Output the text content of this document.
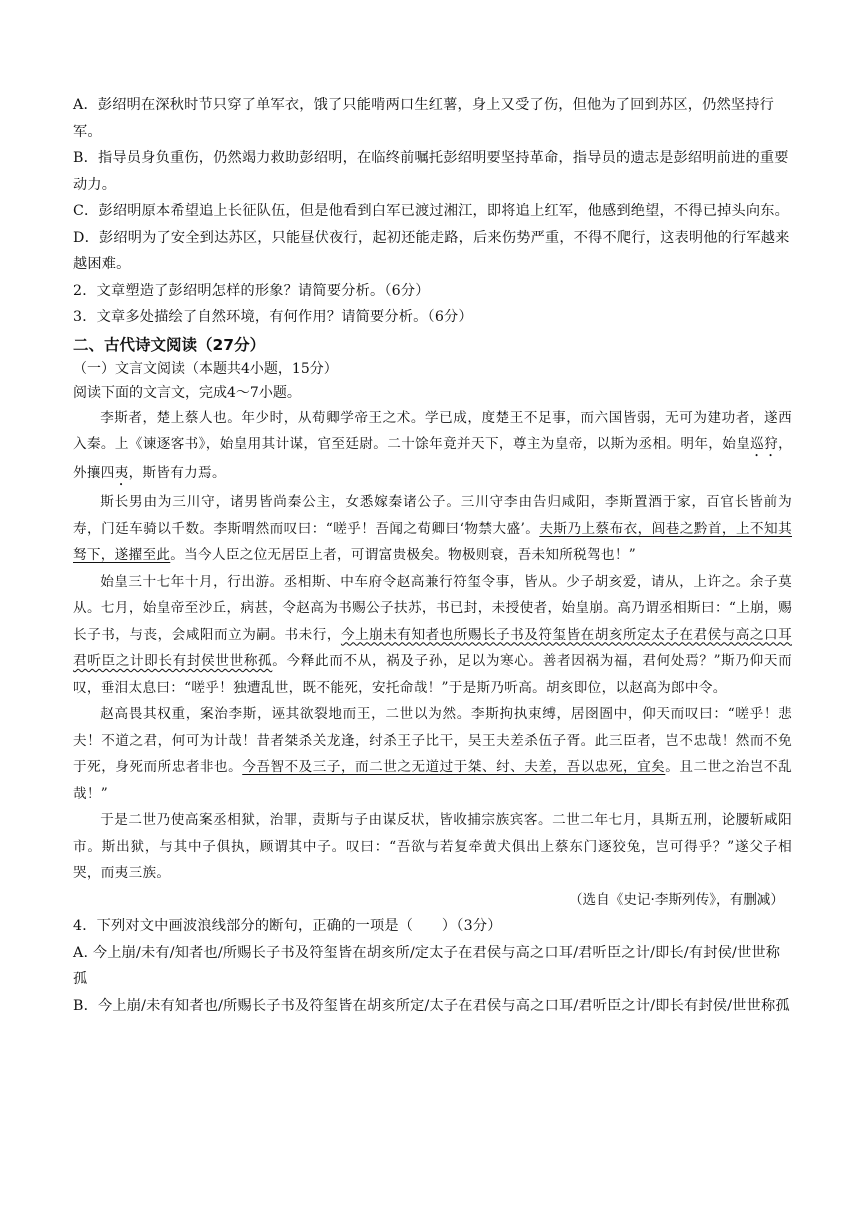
A．彭绍明在深秋时节只穿了单军衣，饿了只能啃两口生红薯，身上又受了伤，但他为了回到苏区，仍然坚持行军。

B．指导员身负重伤，仍然竭力救助彭绍明，在临终前嘱托彭绍明要坚持革命，指导员的遗志是彭绍明前进的重要动力。

C．彭绍明原本希望追上长征队伍，但是他看到白军已渡过湘江，即将追上红军，他感到绝望，不得已掉头向东。

D．彭绍明为了安全到达苏区，只能昼伏夜行，起初还能走路，后来伤势严重，不得不爬行，这表明他的行军越来越困难。

2．文章塑造了彭绍明怎样的形象？请简要分析。（6分）

3．文章多处描绘了自然环境，有何作用？请简要分析。（6分）

二、古代诗文阅读（27分）

（一）文言文阅读（本题共4小题，15分）

阅读下面的文言文，完成4～7小题。

李斯者，楚上蔡人也。年少时，从荀卿学帝王之术。学已成，度楚王不足事，而六国皆弱，无可为建功者，遂西入秦。上《谏逐客书》，始皇用其计谋，官至廷尉。二十馀年竟并天下，尊主为皇帝，以斯为丞相。明年，始皇巡狩，外攘四夷，斯皆有力焉。

斯长男由为三川守，诸男皆尚秦公主，女悉嫁秦诸公子。三川守李由告归咸阳，李斯置酒于家，百官长皆前为寿，门廷车骑以千数。李斯喟然而叹曰：“嗟乎！吾闻之荀卿曰‘物禁大盛’。夫斯乃上蔡布衣，闾巷之黔首，上不知其驽下，遂擢至此。当今人臣之位无居臣上者，可谓富贵极矣。物极则衰，吾未知所税驾也！”

始皇三十七年十月，行出游。丞相斯、中车府令赵高兼行符玺令事，皆从。少子胡亥爱，请从，上许之。余子莫从。七月，始皇帝至沙丘，病甚，令赵高为书赐公子扶苏，书已封，未授使者，始皇崩。高乃谓丞相斯曰：“上崩，赐长子书，与丧，会咸阳而立为嗣。书未行，今上崩未有知者也所赐长子书及符玺皆在胡亥所定太子在君侯与高之口耳君听臣之计即长有封侯世世称孤。今释此而不从，祸及子孙，足以为寒心。善者因祸为福，君何处焉？”斯乃仰天而叹，垂泪太息曰：“嗟乎！独遭乱世，既不能死，安托命哉！”于是斯乃听高。胡亥即位，以赵高为郎中令。

赵高畏其权重，案治李斯，诬其欲裂地而王，二世以为然。李斯拘执束缚，居囹圄中，仰天而叹曰：“嗟乎！悲夫！不道之君，何可为计哉！昔者桀杀关龙逢，纣杀王子比干，吴王夫差杀伍子胥。此三臣者，岂不忠哉！然而不免于死，身死而所忠者非也。今吾智不及三子，而二世之无道过于桀、纣、夫差，吾以忠死，宜矣。且二世之治岂不乱哉！”

于是二世乃使高案丞相狱，治罪，责斯与子由谋反状，皆收捕宗族宾客。二世二年七月，具斯五刑，论腰斩咸阳市。斯出狱，与其中子俱执，顾谓其中子。叹曰：“吾欲与若复牵黄犬俱出上蔡东门逐狡兔，岂可得乎？”遂父子相哭，而夷三族。

（选自《史记·李斯列传》，有删减）

4．下列对文中画波浪线部分的断句，正确的一项是（　　）（3分）

A. 今上崩/未有/知者也/所赐长子书及符玺皆在胡亥所/定太子在君侯与高之口耳/君听臣之计/即长/有封侯/世世称孤

B．今上崩/未有知者也/所赐长子书及符玺皆在胡亥所定/太子在君侯与高之口耳/君听臣之计/即长有封侯/世世称孤
